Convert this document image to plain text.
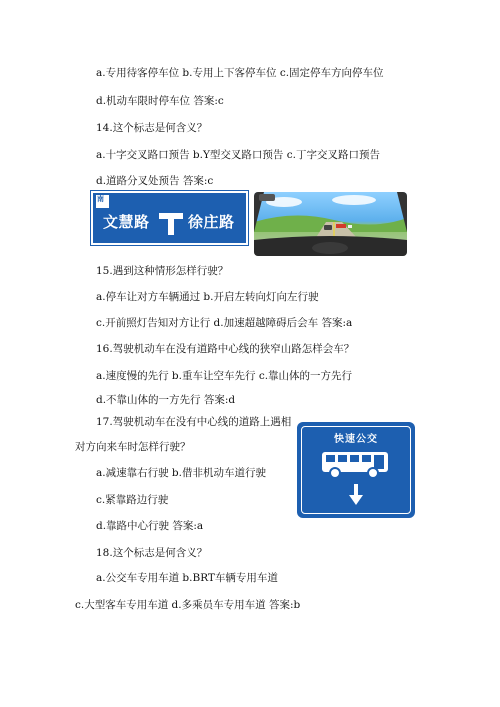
a.专用待客停车位 b.专用上下客停车位 c.固定停车方向停车位
d.机动车限时停车位 答案:c
14.这个标志是何含义？
a.十字交叉路口预告 b.Y型交叉路口预告 c.丁字交叉路口预告
d.道路分叉处预告 答案:c
南
文慧路	徐庄路
15.遇到这种情形怎样行驶？
a.停车让对方车辆通过 b.开启左转向灯向左行驶
c.开前照灯告知对方让行 d.加速超越障碍后会车 答案:a
16.驾驶机动车在没有道路中心线的狭窄山路怎样会车？
a.速度慢的先行 b.重车让空车先行 c.靠山体的一方先行
d.不靠山体的一方先行 答案:d
17.驾驶机动车在没有中心线的道路上遇相
对方向来车时怎样行驶？
a.减速靠右行驶 b.借非机动车道行驶
c.紧靠路边行驶
d.靠路中心行驶 答案:a
快速公交
18.这个标志是何含义？
a.公交车专用车道 b.BRT车辆专用车道
c.大型客车专用车道 d.多乘员车专用车道 答案:b
